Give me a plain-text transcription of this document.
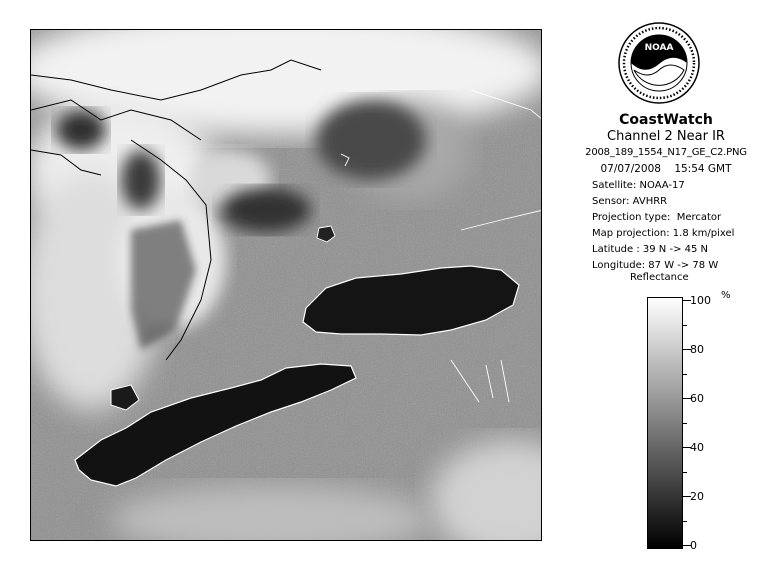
NOAA
CoastWatch
Channel 2 Near IR
2008_189_1554_N17_GE_C2.PNG
07/07/2008    15:54 GMT
Satellite: NOAA-17
Sensor: AVHRR
Projection type: Mercator
Map projection: 1.8 km/pixel
Latitude : 39 N -> 45 N
Longitude: 87 W -> 78 W
Reflectance
%
100
80
60
40
20
0
